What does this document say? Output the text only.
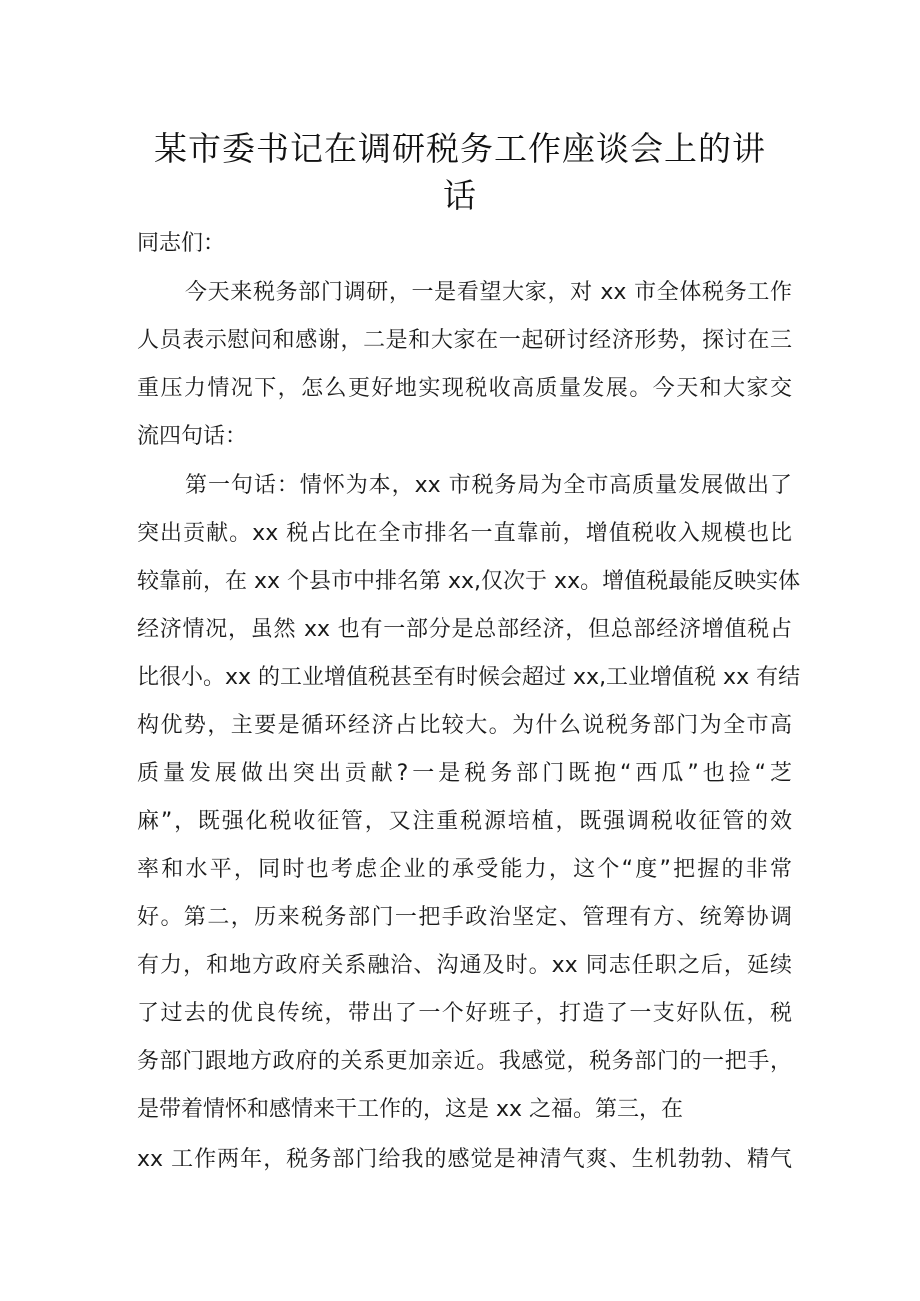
某市委书记在调研税务工作座谈会上的讲
话
同志们：
今天来税务部门调研，一是看望大家，对 xx 市全体税务工作
人员表示慰问和感谢，二是和大家在一起研讨经济形势，探讨在三
重压力情况下，怎么更好地实现税收高质量发展。今天和大家交
流四句话：
第一句话：情怀为本，xx 市税务局为全市高质量发展做出了
突出贡献。xx 税占比在全市排名一直靠前，增值税收入规模也比
较靠前，在 xx 个县市中排名第 xx,仅次于 xx。增值税最能反映实体
经济情况，虽然 xx 也有一部分是总部经济，但总部经济增值税占
比很小。xx 的工业增值税甚至有时候会超过 xx,工业增值税 xx 有结
构优势，主要是循环经济占比较大。为什么说税务部门为全市高
质量发展做出突出贡献?一是税务部门既抱“西瓜”也捡“芝
麻”，既强化税收征管，又注重税源培植，既强调税收征管的效
率和水平，同时也考虑企业的承受能力，这个“度”把握的非常
好。第二，历来税务部门一把手政治坚定、管理有方、统筹协调
有力，和地方政府关系融洽、沟通及时。xx 同志任职之后，延续
了过去的优良传统，带出了一个好班子，打造了一支好队伍，税
务部门跟地方政府的关系更加亲近。我感觉，税务部门的一把手，
是带着情怀和感情来干工作的，这是 xx 之福。第三，在
xx 工作两年，税务部门给我的感觉是神清气爽、生机勃勃、精气
